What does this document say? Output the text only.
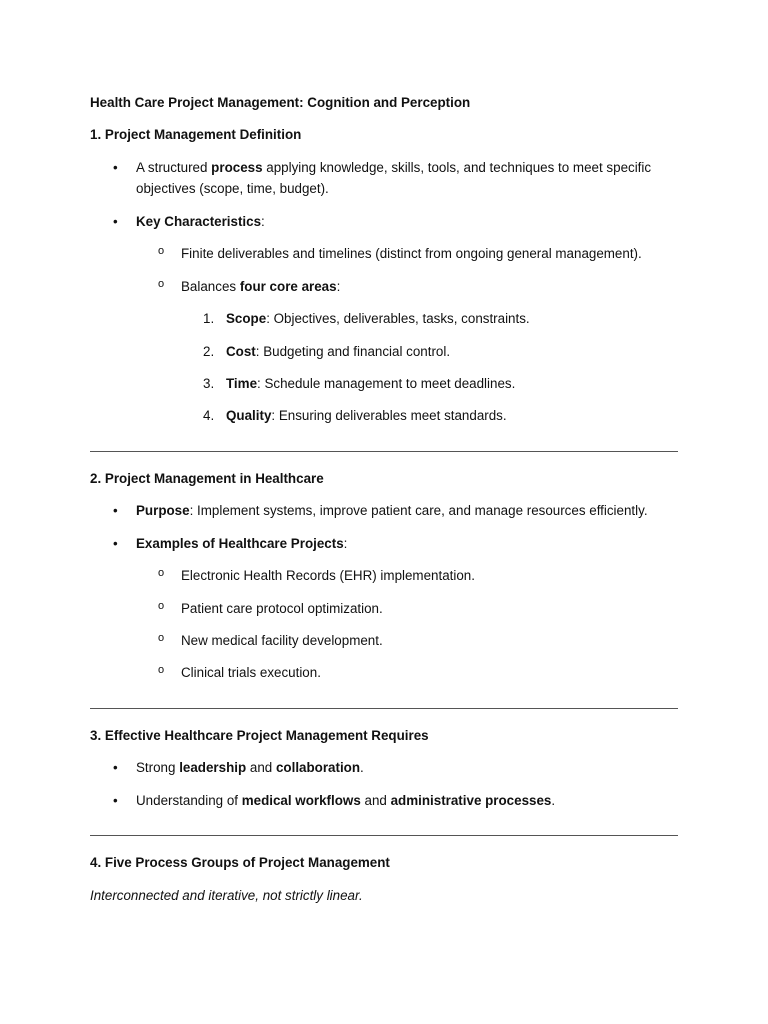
Health Care Project Management: Cognition and Perception

1. Project Management Definition

• A structured process applying knowledge, skills, tools, and techniques to meet specific objectives (scope, time, budget).
• Key Characteristics:
o Finite deliverables and timelines (distinct from ongoing general management).
o Balances four core areas:
1. Scope: Objectives, deliverables, tasks, constraints.
2. Cost: Budgeting and financial control.
3. Time: Schedule management to meet deadlines.
4. Quality: Ensuring deliverables meet standards.

2. Project Management in Healthcare

• Purpose: Implement systems, improve patient care, and manage resources efficiently.
• Examples of Healthcare Projects:
o Electronic Health Records (EHR) implementation.
o Patient care protocol optimization.
o New medical facility development.
o Clinical trials execution.

3. Effective Healthcare Project Management Requires

• Strong leadership and collaboration.
• Understanding of medical workflows and administrative processes.

4. Five Process Groups of Project Management

Interconnected and iterative, not strictly linear.
